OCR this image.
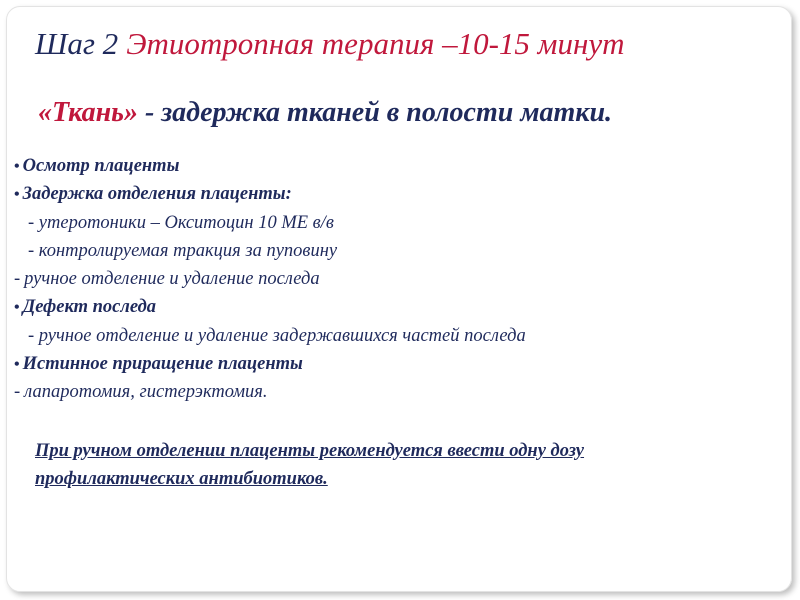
Шаг 2 Этиотропная терапия –10-15 минут
«Ткань» - задержка тканей в полости матки.
• Осмотр плаценты
• Задержка отделения плаценты:
- утеротоники – Окситоцин 10 МЕ в/в
- контролируемая тракция за пуповину
- ручное отделение и удаление последа
• Дефект последа
- ручное отделение и удаление задержавшихся частей последа
• Истинное приращение плаценты
- лапаротомия, гистерэктомия.
При ручном отделении плаценты рекомендуется ввести одну дозу
профилактических антибиотиков.
